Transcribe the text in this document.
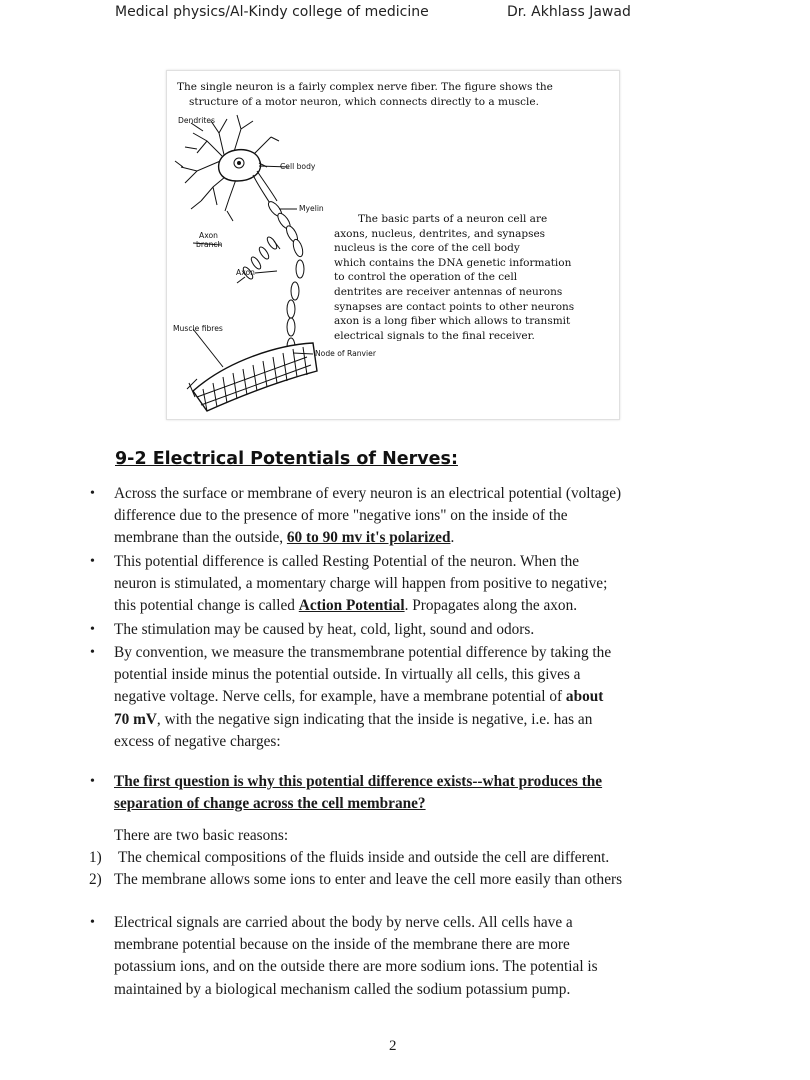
Medical physics/Al-Kindy college of medicine	Dr. Akhlass Jawad
The single neuron is a fairly complex nerve fiber. The figure shows the
structure of a motor neuron, which connects directly to a muscle.
Dendrites
Cell body
Myelin
Axon
branch
Axon
Muscle fibres
Node of Ranvier
The basic parts of a neuron cell are
axons, nucleus, dentrites, and synapses
nucleus is the core of the cell body
which contains the DNA genetic information
to control the operation of the cell
dentrites are receiver antennas of neurons
synapses are contact points to other neurons
axon is a long fiber which allows to transmit
electrical signals to the final receiver.
9-2 Electrical Potentials of Nerves:
• Across the surface or membrane of every neuron is an electrical potential (voltage)
difference due to the presence of more "negative ions" on the inside of the
membrane than the outside, 60 to 90 mv it's polarized.
• This potential difference is called Resting Potential of the neuron. When the
neuron is stimulated, a momentary charge will happen from positive to negative;
this potential change is called Action Potential. Propagates along the axon.
• The stimulation may be caused by heat, cold, light, sound and odors.
• By convention, we measure the transmembrane potential difference by taking the
potential inside minus the potential outside. In virtually all cells, this gives a
negative voltage. Nerve cells, for example, have a membrane potential of about
70 mV, with the negative sign indicating that the inside is negative, i.e. has an
excess of negative charges:
• The first question is why this potential difference exists--what produces the
separation of change across the cell membrane?
There are two basic reasons:
1) The chemical compositions of the fluids inside and outside the cell are different.
2) The membrane allows some ions to enter and leave the cell more easily than others
• Electrical signals are carried about the body by nerve cells. All cells have a
membrane potential because on the inside of the membrane there are more
potassium ions, and on the outside there are more sodium ions. The potential is
maintained by a biological mechanism called the sodium potassium pump.
2
